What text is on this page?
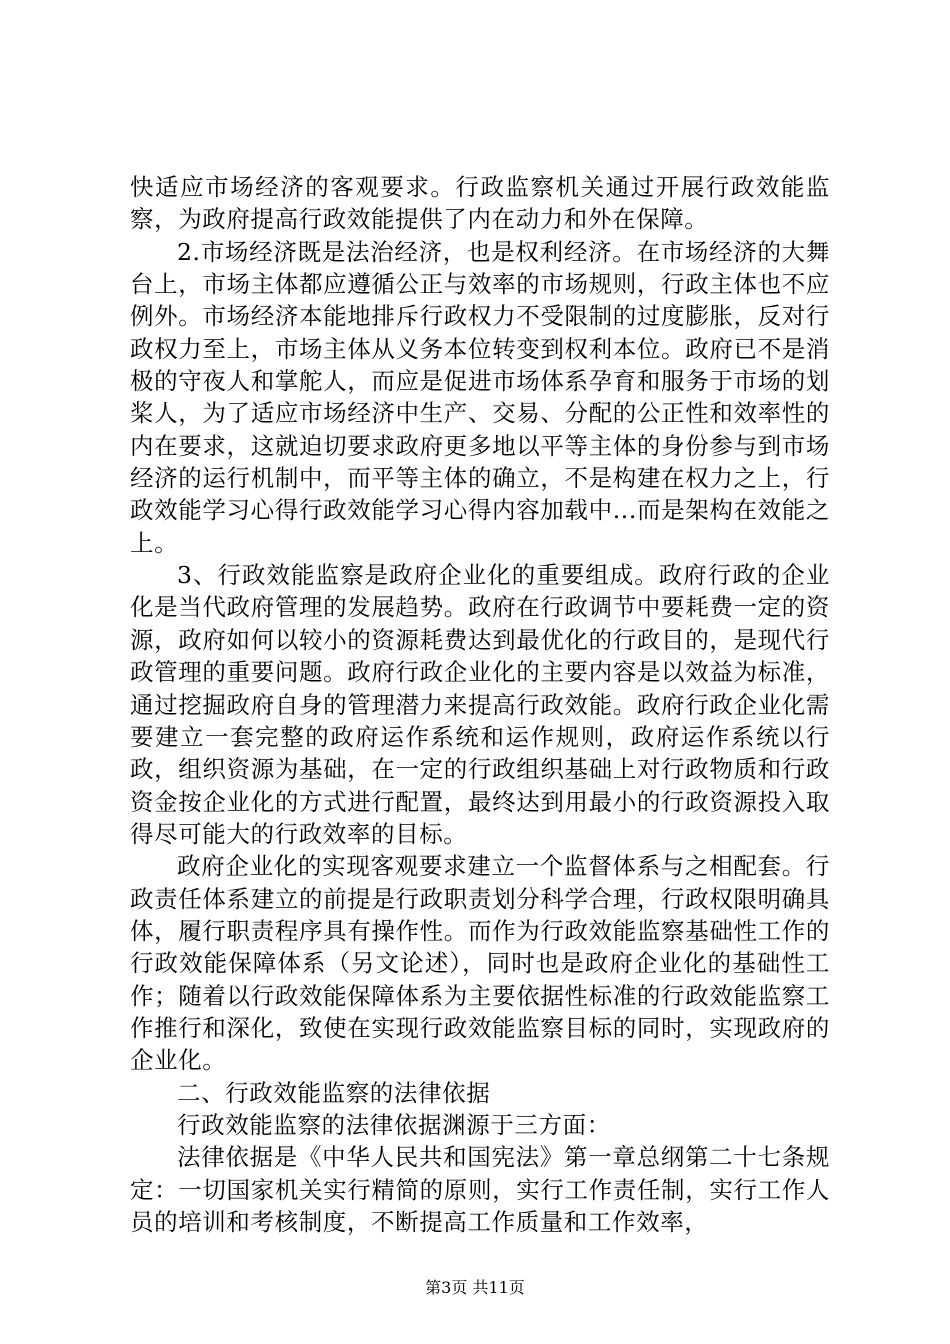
快适应市场经济的客观要求。行政监察机关通过开展行政效能监察，为政府提高行政效能提供了内在动力和外在保障。

2.市场经济既是法治经济，也是权利经济。在市场经济的大舞台上，市场主体都应遵循公正与效率的市场规则，行政主体也不应例外。市场经济本能地排斥行政权力不受限制的过度膨胀，反对行政权力至上，市场主体从义务本位转变到权利本位。政府已不是消极的守夜人和掌舵人，而应是促进市场体系孕育和服务于市场的划桨人，为了适应市场经济中生产、交易、分配的公正性和效率性的内在要求，这就迫切要求政府更多地以平等主体的身份参与到市场经济的运行机制中，而平等主体的确立，不是构建在权力之上，行政效能学习心得行政效能学习心得内容加载中...而是架构在效能之上。

3、行政效能监察是政府企业化的重要组成。政府行政的企业化是当代政府管理的发展趋势。政府在行政调节中要耗费一定的资源，政府如何以较小的资源耗费达到最优化的行政目的，是现代行政管理的重要问题。政府行政企业化的主要内容是以效益为标准，通过挖掘政府自身的管理潜力来提高行政效能。政府行政企业化需要建立一套完整的政府运作系统和运作规则，政府运作系统以行政，组织资源为基础，在一定的行政组织基础上对行政物质和行政资金按企业化的方式进行配置，最终达到用最小的行政资源投入取得尽可能大的行政效率的目标。

政府企业化的实现客观要求建立一个监督体系与之相配套。行政责任体系建立的前提是行政职责划分科学合理，行政权限明确具体，履行职责程序具有操作性。而作为行政效能监察基础性工作的行政效能保障体系（另文论述），同时也是政府企业化的基础性工作；随着以行政效能保障体系为主要依据性标准的行政效能监察工作推行和深化，致使在实现行政效能监察目标的同时，实现政府的企业化。

二、行政效能监察的法律依据

行政效能监察的法律依据渊源于三方面：

法律依据是《中华人民共和国宪法》第一章总纲第二十七条规定：一切国家机关实行精简的原则，实行工作责任制，实行工作人员的培训和考核制度，不断提高工作质量和工作效率，

第3页 共11页
